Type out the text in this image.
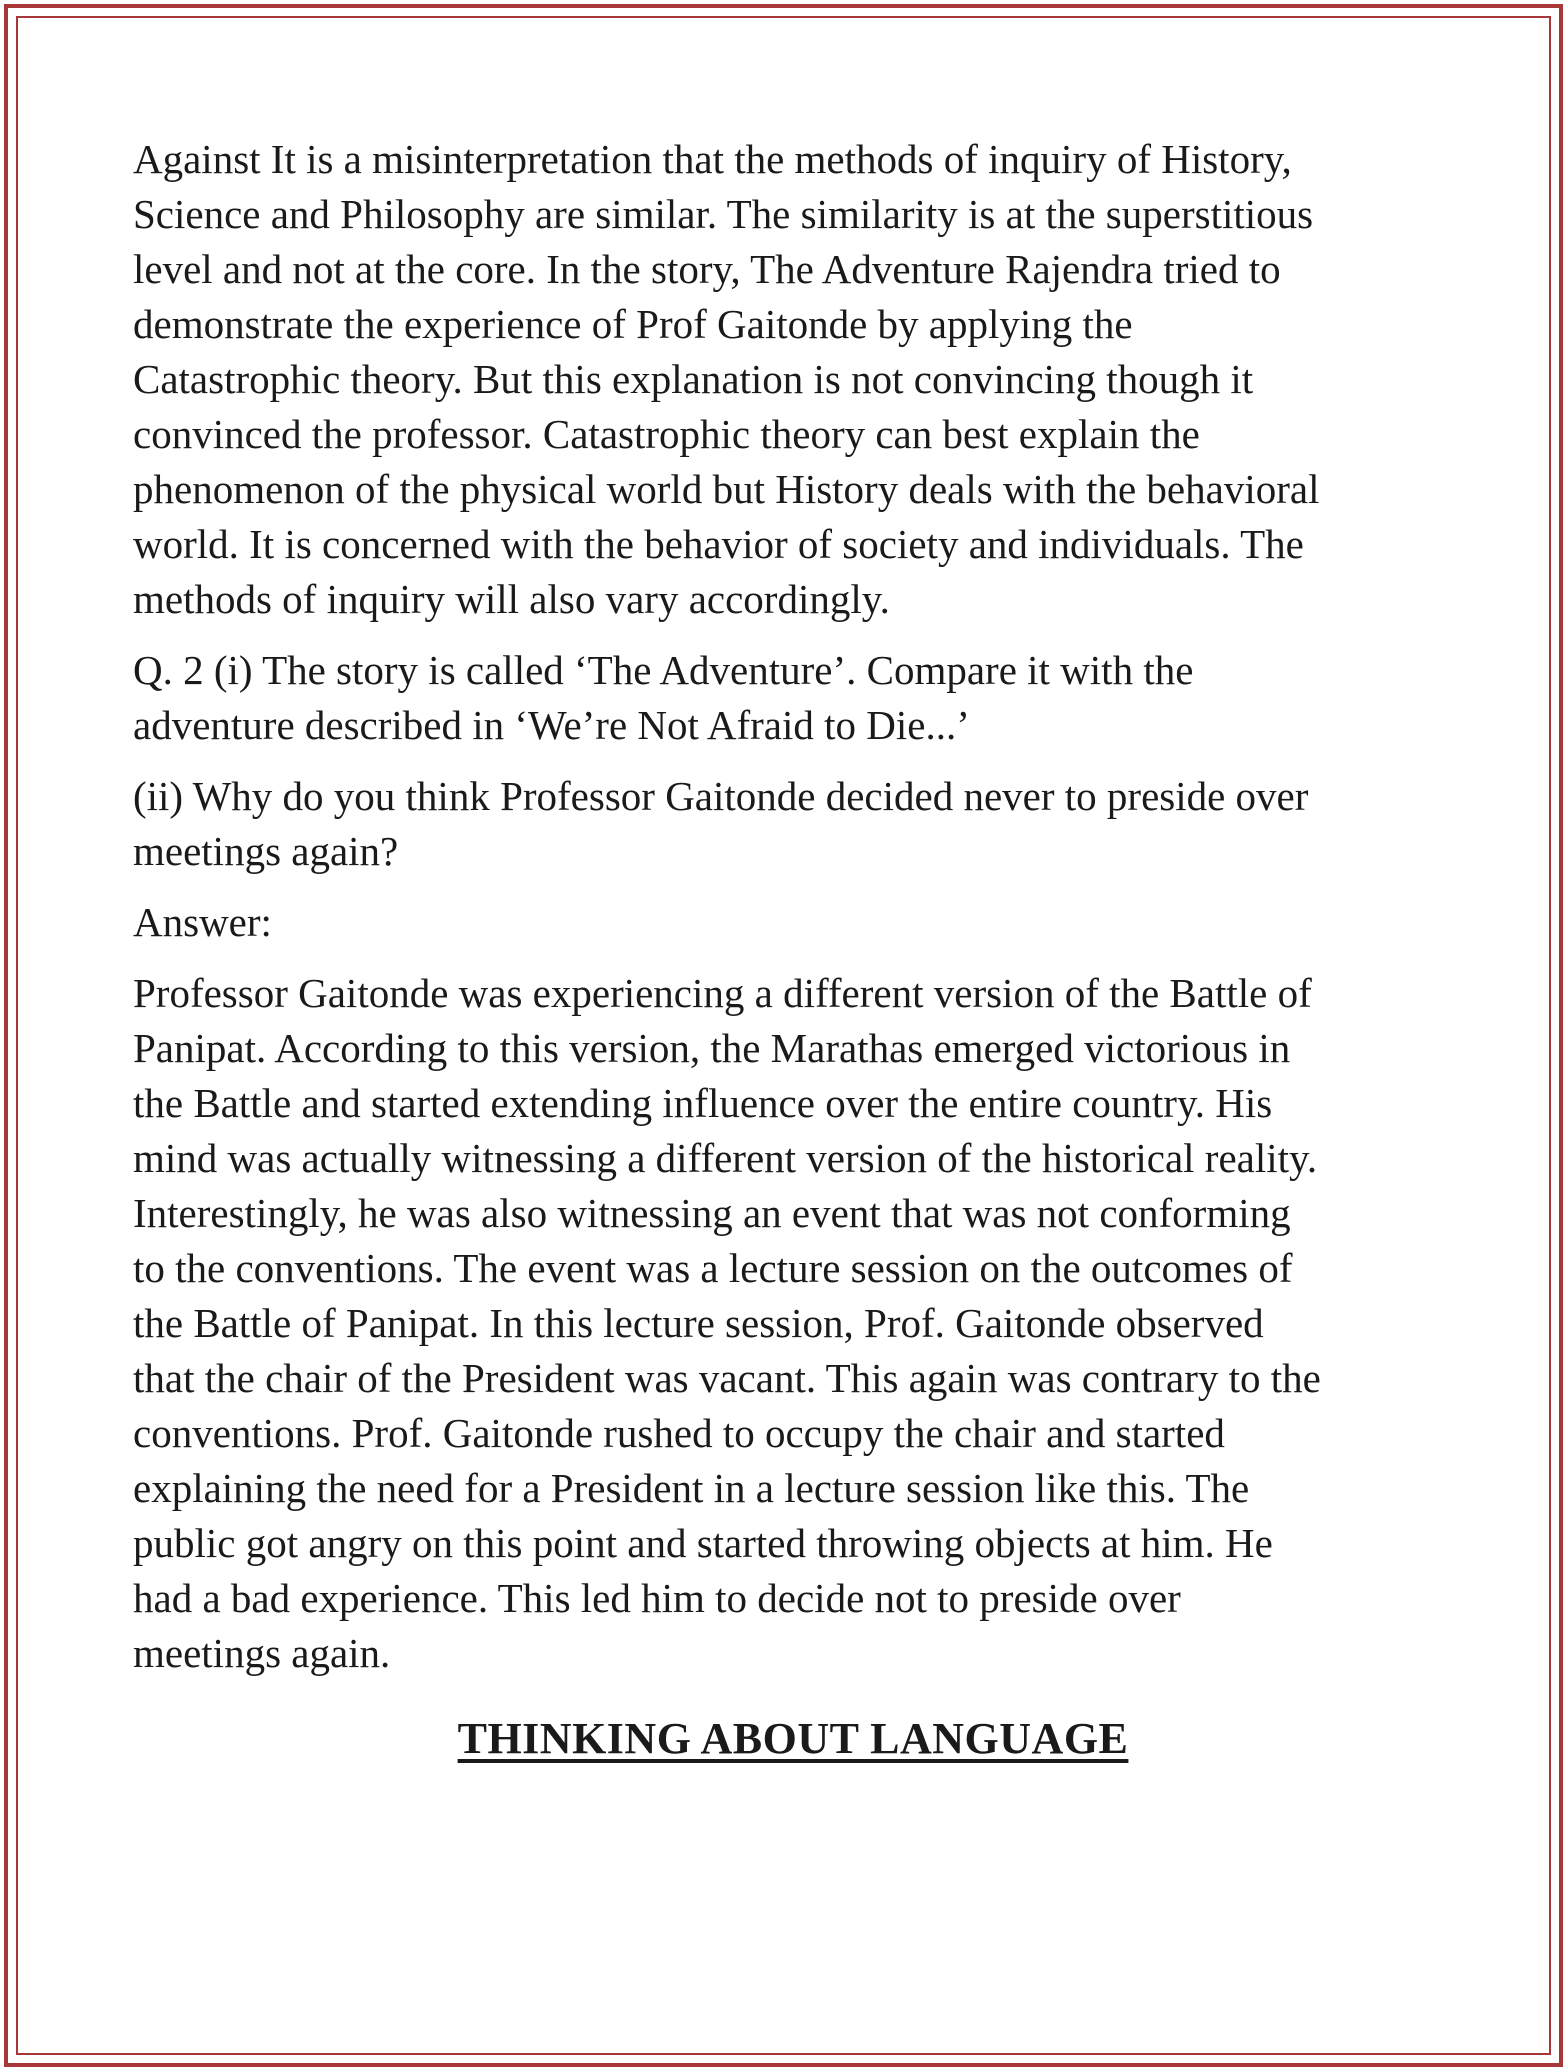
Against It is a misinterpretation that the methods of inquiry of History,
Science and Philosophy are similar. The similarity is at the superstitious
level and not at the core. In the story, The Adventure Rajendra tried to
demonstrate the experience of Prof Gaitonde by applying the
Catastrophic theory. But this explanation is not convincing though it
convinced the professor. Catastrophic theory can best explain the
phenomenon of the physical world but History deals with the behavioral
world. It is concerned with the behavior of society and individuals. The
methods of inquiry will also vary accordingly.

Q. 2 (i) The story is called ‘The Adventure’. Compare it with the
adventure described in ‘We’re Not Afraid to Die...’

(ii) Why do you think Professor Gaitonde decided never to preside over
meetings again?

Answer:

Professor Gaitonde was experiencing a different version of the Battle of
Panipat. According to this version, the Marathas emerged victorious in
the Battle and started extending influence over the entire country. His
mind was actually witnessing a different version of the historical reality.
Interestingly, he was also witnessing an event that was not conforming
to the conventions. The event was a lecture session on the outcomes of
the Battle of Panipat. In this lecture session, Prof. Gaitonde observed
that the chair of the President was vacant. This again was contrary to the
conventions. Prof. Gaitonde rushed to occupy the chair and started
explaining the need for a President in a lecture session like this. The
public got angry on this point and started throwing objects at him. He
had a bad experience. This led him to decide not to preside over
meetings again.

THINKING ABOUT LANGUAGE
